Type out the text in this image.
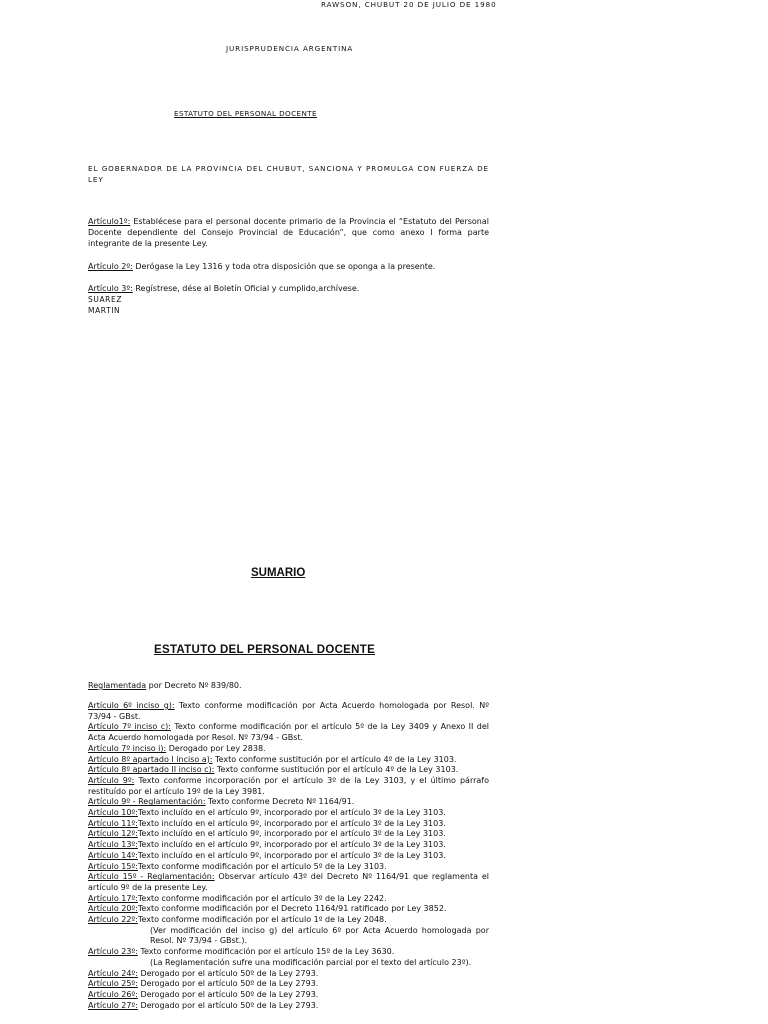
RAWSON, CHUBUT 20 DE JULIO DE 1980
JURISPRUDENCIA ARGENTINA
ESTATUTO DEL PERSONAL DOCENTE
EL GOBERNADOR DE LA PROVINCIA DEL CHUBUT, SANCIONA Y PROMULGA CON FUERZA DE
LEY
Artículo1º: Establécese para el personal docente primario de la Provincia el “Estatuto del Personal Docente dependiente del Consejo Provincial de Educación”, que como anexo I forma parte integrante de la presente Ley.
Artículo 2º: Derógase la Ley 1316 y toda otra disposición que se oponga a la presente.
Artículo 3º: Regístrese, dése al Boletín Oficial y cumplido,archívese.
SUAREZ
MARTIN
SUMARIO
ESTATUTO DEL PERSONAL DOCENTE
Reglamentada por Decreto Nº 839/80.
Artículo 6º inciso g): Texto conforme modificación por Acta Acuerdo homologada por Resol. Nº 73/94 - GBst.
Artículo 7º inciso c): Texto conforme modificación por el artículo 5º de la Ley 3409 y Anexo II del Acta Acuerdo homologada por Resol. Nº 73/94 - GBst.
Artículo 7º inciso i): Derogado por Ley 2838.
Artículo 8º apartado I inciso a): Texto conforme sustitución por el artículo 4º de la Ley 3103.
Artículo 8º apartado II inciso c): Texto conforme sustitución por el artículo 4º de la Ley 3103.
Artículo 9º: Texto conforme incorporación por el artículo 3º de la Ley 3103, y el último párrafo restituído por el artículo 19º de la Ley 3981.
Artículo 9º - Reglamentación: Texto conforme Decreto Nº 1164/91.
Artículo 10º:Texto incluído en el artículo 9º, incorporado por el artículo 3º de la Ley 3103.
Artículo 11º:Texto incluído en el artículo 9º, incorporado por el artículo 3º de la Ley 3103.
Artículo 12º:Texto incluído en el artículo 9º, incorporado por el artículo 3º de la Ley 3103.
Artículo 13º:Texto incluído en el artículo 9º, incorporado por el artículo 3º de la Ley 3103.
Artículo 14º:Texto incluído en el artículo 9º, incorporado por el artículo 3º de la Ley 3103.
Artículo 15º:Texto conforme modificación por el artículo 5º de la Ley 3103.
Artículo 15º - Reglamentación: Observar artículo 43º del Decreto Nº 1164/91 que reglamenta el artículo 9º de la presente Ley.
Artículo 17º:Texto conforme modificación por el artículo 3º de la Ley 2242.
Artículo 20º:Texto conforme modificación por el Decreto 1164/91 ratificado por Ley 3852.
Artículo 22º:Texto conforme modificación por el artículo 1º de la Ley 2048.
(Ver modificación del inciso g) del artículo 6º por Acta Acuerdo homologada por Resol. Nº 73/94 - GBst.).
Artículo 23º: Texto conforme modificación por el artículo 15º de la Ley 3630.
(La Reglamentación sufre una modificación parcial por el texto del artículo 23º).
Artículo 24º: Derogado por el artículo 50º de la Ley 2793.
Artículo 25º: Derogado por el artículo 50º de la Ley 2793.
Artículo 26º: Derogado por el artículo 50º de la Ley 2793.
Artículo 27º: Derogado por el artículo 50º de la Ley 2793.
